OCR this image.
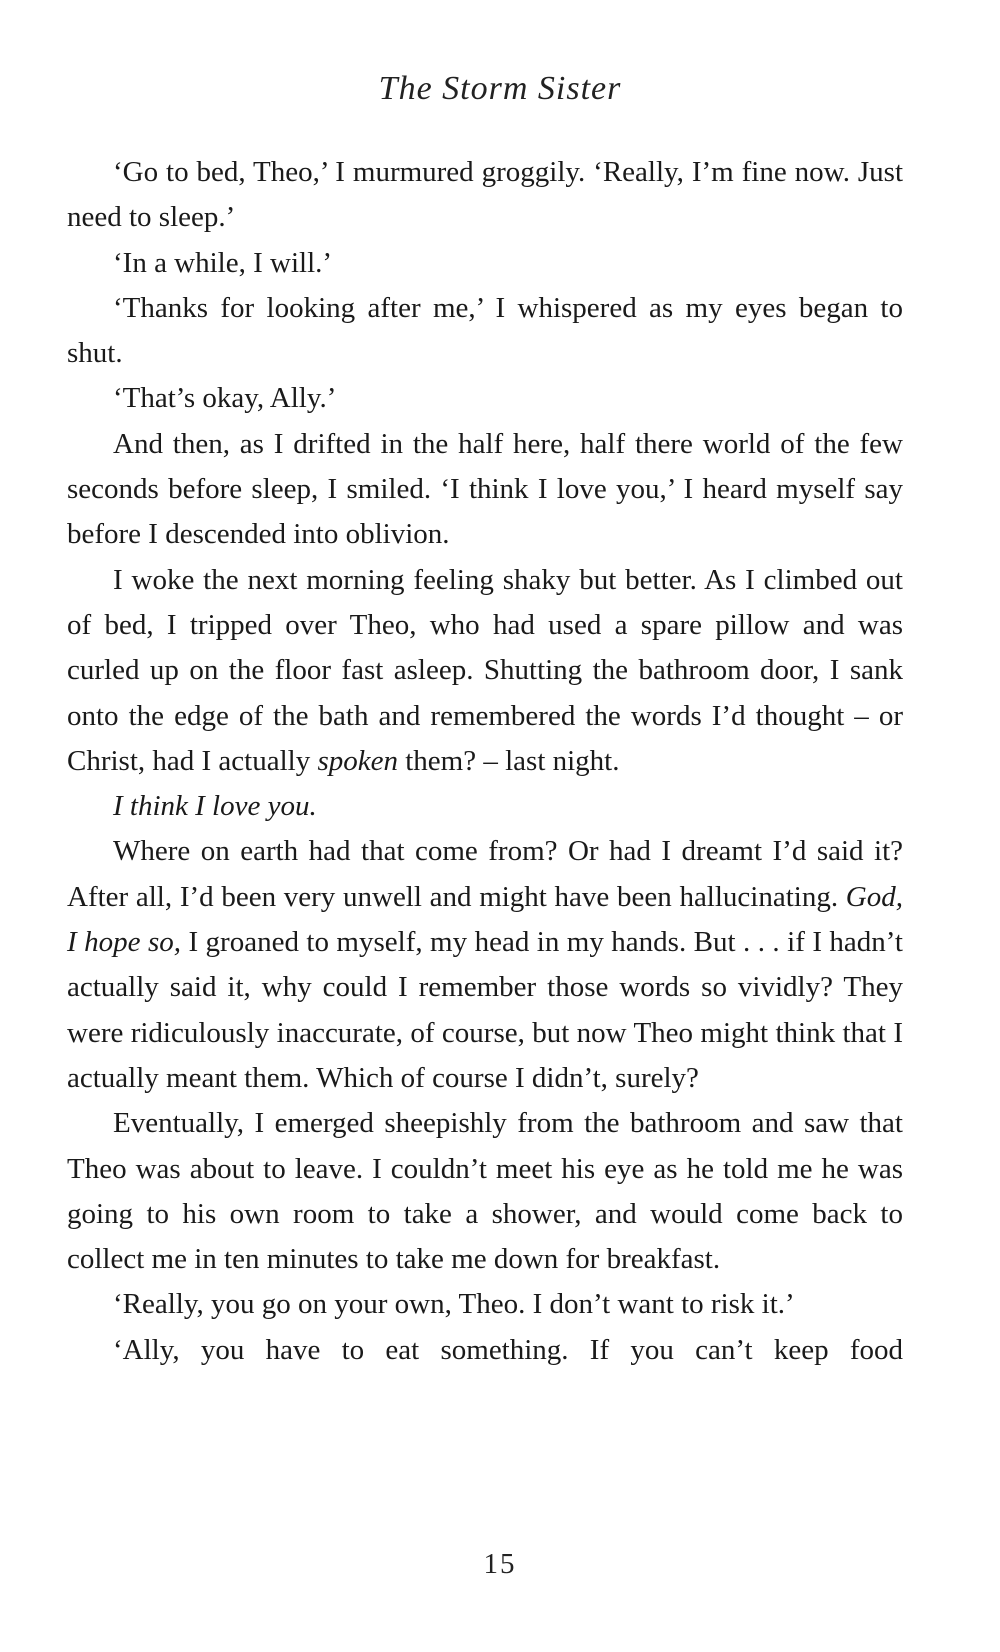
The Storm Sister

‘Go to bed, Theo,’ I murmured groggily. ‘Really, I’m fine now. Just need to sleep.’

‘In a while, I will.’

‘Thanks for looking after me,’ I whispered as my eyes began to shut.

‘That’s okay, Ally.’

And then, as I drifted in the half here, half there world of the few seconds before sleep, I smiled. ‘I think I love you,’ I heard myself say before I descended into oblivion.

I woke the next morning feeling shaky but better. As I climbed out of bed, I tripped over Theo, who had used a spare pillow and was curled up on the floor fast asleep. Shutting the bathroom door, I sank onto the edge of the bath and remembered the words I’d thought – or Christ, had I actually spoken them? – last night.

I think I love you.

Where on earth had that come from? Or had I dreamt I’d said it? After all, I’d been very unwell and might have been hallucinating. God, I hope so, I groaned to myself, my head in my hands. But . . . if I hadn’t actually said it, why could I remember those words so vividly? They were ridiculously inaccurate, of course, but now Theo might think that I actually meant them. Which of course I didn’t, surely?

Eventually, I emerged sheepishly from the bathroom and saw that Theo was about to leave. I couldn’t meet his eye as he told me he was going to his own room to take a shower, and would come back to collect me in ten minutes to take me down for breakfast.

‘Really, you go on your own, Theo. I don’t want to risk it.’

‘Ally, you have to eat something. If you can’t keep food

15
